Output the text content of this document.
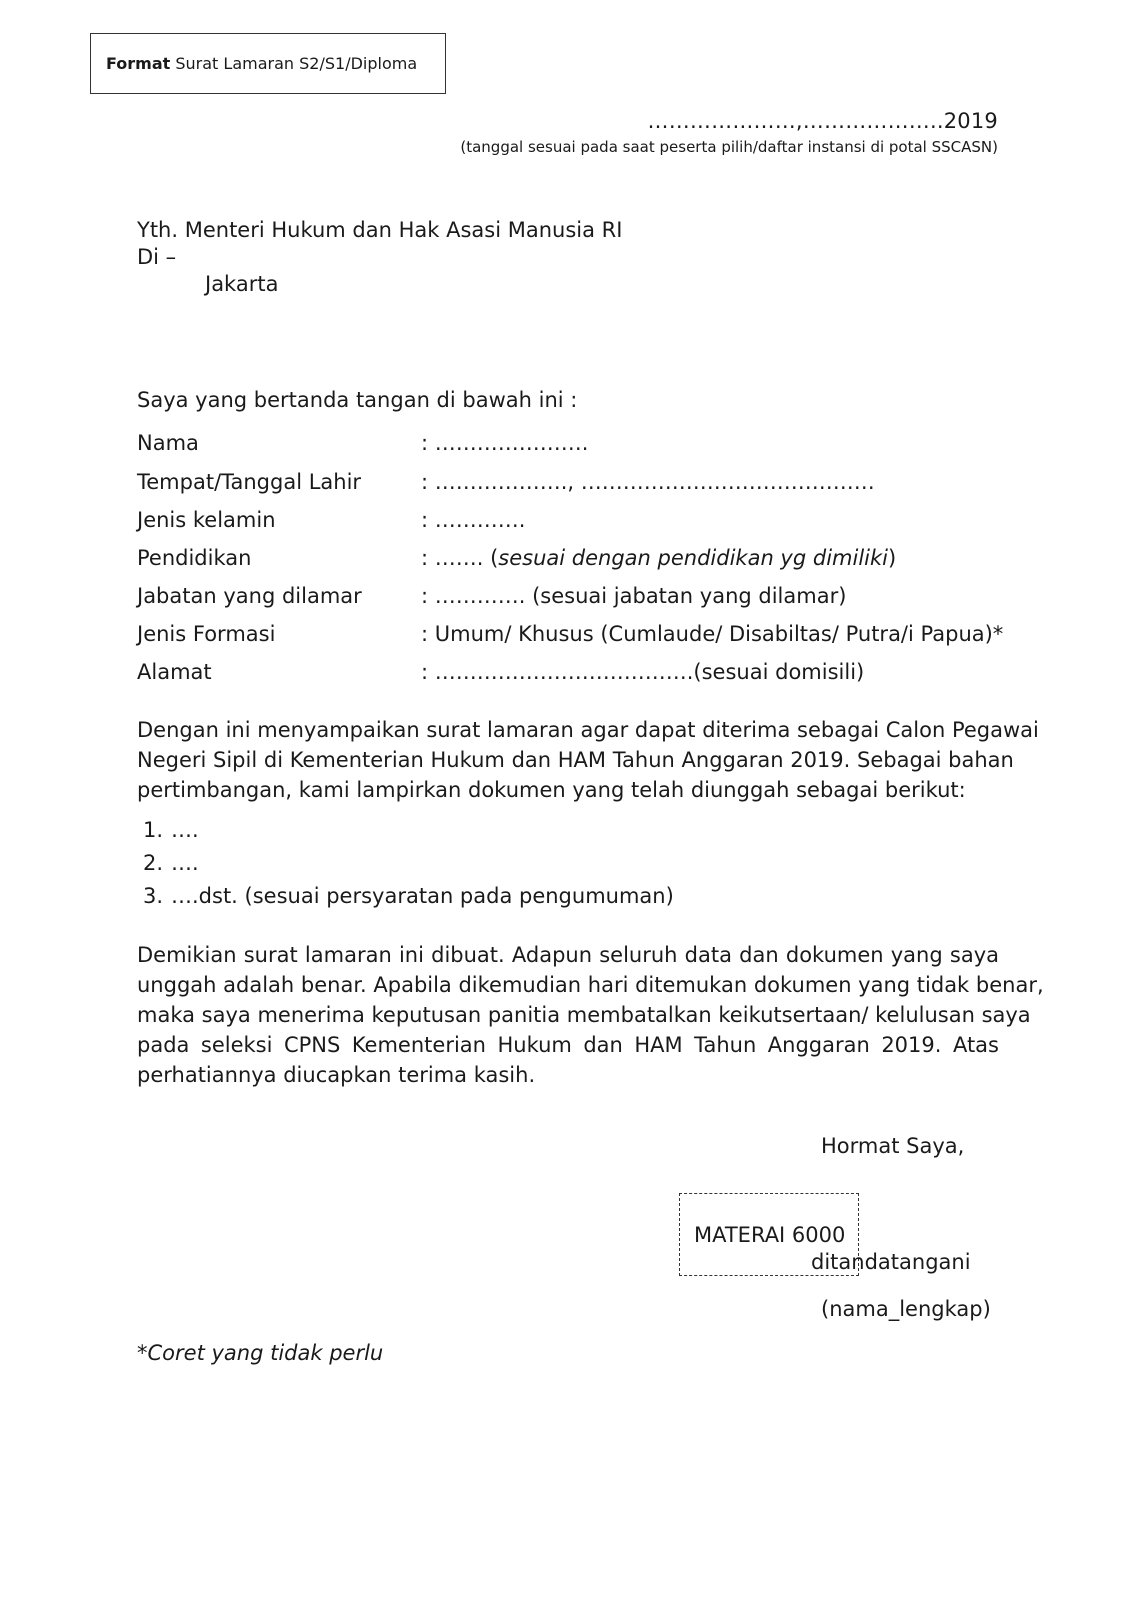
Format Surat Lamaran S2/S1/Diploma
…………………,………………..2019
(tanggal sesuai pada saat peserta pilih/daftar instansi di potal SSCASN)
Yth. Menteri Hukum dan Hak Asasi Manusia RI
Di –
Jakarta
Saya yang bertanda tangan di bawah ini :
Nama	: ………………….
Tempat/Tanggal Lahir	: ………………., ……………………………………
Jenis kelamin	: ………….
Pendidikan	: ……. (sesuai dengan pendidikan yg dimiliki)
Jabatan yang dilamar	: …………. (sesuai jabatan yang dilamar)
Jenis Formasi	: Umum/ Khusus (Cumlaude/ Disabiltas/ Putra/i Papua)*
Alamat	: ……………………………….(sesuai domisili)
Dengan ini menyampaikan surat lamaran agar dapat diterima sebagai Calon Pegawai
Negeri Sipil di Kementerian Hukum dan HAM Tahun Anggaran 2019. Sebagai bahan
pertimbangan, kami lampirkan dokumen yang telah diunggah sebagai berikut:
1. ….
2. ….
3. ….dst. (sesuai persyaratan pada pengumuman)
Demikian surat lamaran ini dibuat. Adapun seluruh data dan dokumen yang saya
unggah adalah benar. Apabila dikemudian hari ditemukan dokumen yang tidak benar,
maka saya menerima keputusan panitia membatalkan keikutsertaan/ kelulusan saya
pada seleksi CPNS Kementerian Hukum dan HAM Tahun Anggaran 2019. Atas
perhatiannya diucapkan terima kasih.
Hormat Saya,
MATERAI 6000
ditandatangani
(nama_lengkap)
*Coret yang tidak perlu
